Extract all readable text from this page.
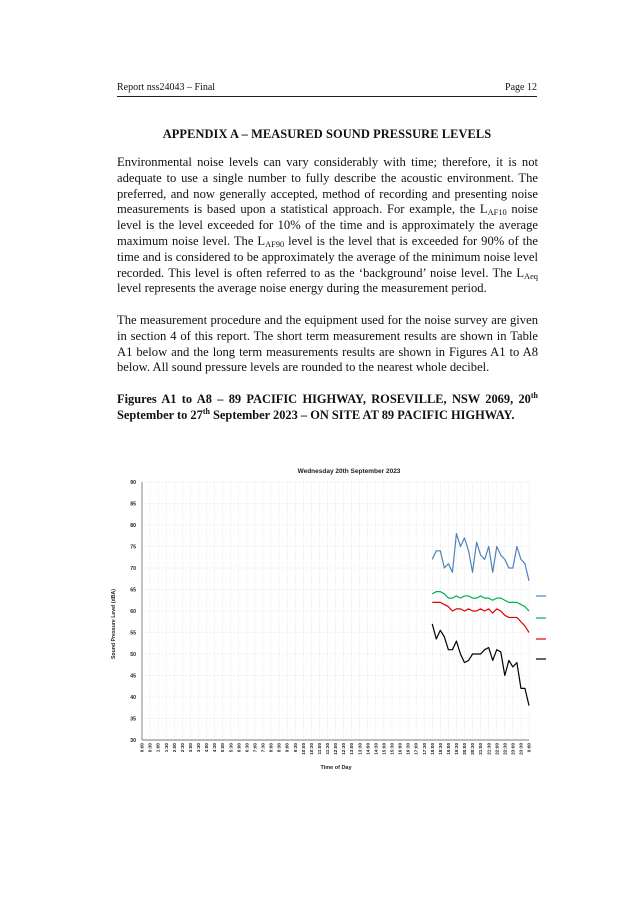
Report nss24043 – Final	Page 12
APPENDIX A – MEASURED SOUND PRESSURE LEVELS

Environmental noise levels can vary considerably with time; therefore, it is not adequate to use a single number to fully describe the acoustic environment. The preferred, and now generally accepted, method of recording and presenting noise measurements is based upon a statistical approach. For example, the $L_{AF10}$ noise level is the level exceeded for 10% of the time and is approximately the average maximum noise level. The $L_{AF90}$ level is the level that is exceeded for 90% of the time and is considered to be approximately the average of the minimum noise level recorded. This level is often referred to as the ‘background’ noise level. The $L_{Aeq}$ level represents the average noise energy during the measurement period.

The measurement procedure and the equipment used for the noise survey are given in section 4 of this report. The short term measurement results are shown in Table A1 below and the long term measurements results are shown in Figures A1 to A8 below. All sound pressure levels are rounded to the nearest whole decibel.

Figures A1 to A8 – 89 PACIFIC HIGHWAY, ROSEVILLE, NSW 2069, 20th September to 27th September 2023 – ON SITE AT 89 PACIFIC HIGHWAY.

Wednesday 20th September 2023
Sound Pressure Level (dBA)
Time of Day
30
35
40
45
50
55
60
65
70
75
80
85
90
0:00 0:30 1:00 1:30 2:00 2:30 3:00 3:30 4:00 4:30 5:00 5:30 6:00 6:30 7:00 7:30 8:00 8:30 9:00 9:30 10:00 10:30 11:00 11:30 12:00 12:30 13:00 13:30 14:00 14:30 15:00 15:30 16:00 16:30 17:00 17:30 18:00 18:30 19:00 19:30 20:00 20:30 21:00 21:30 22:00 22:30 23:00 23:30 0:00
